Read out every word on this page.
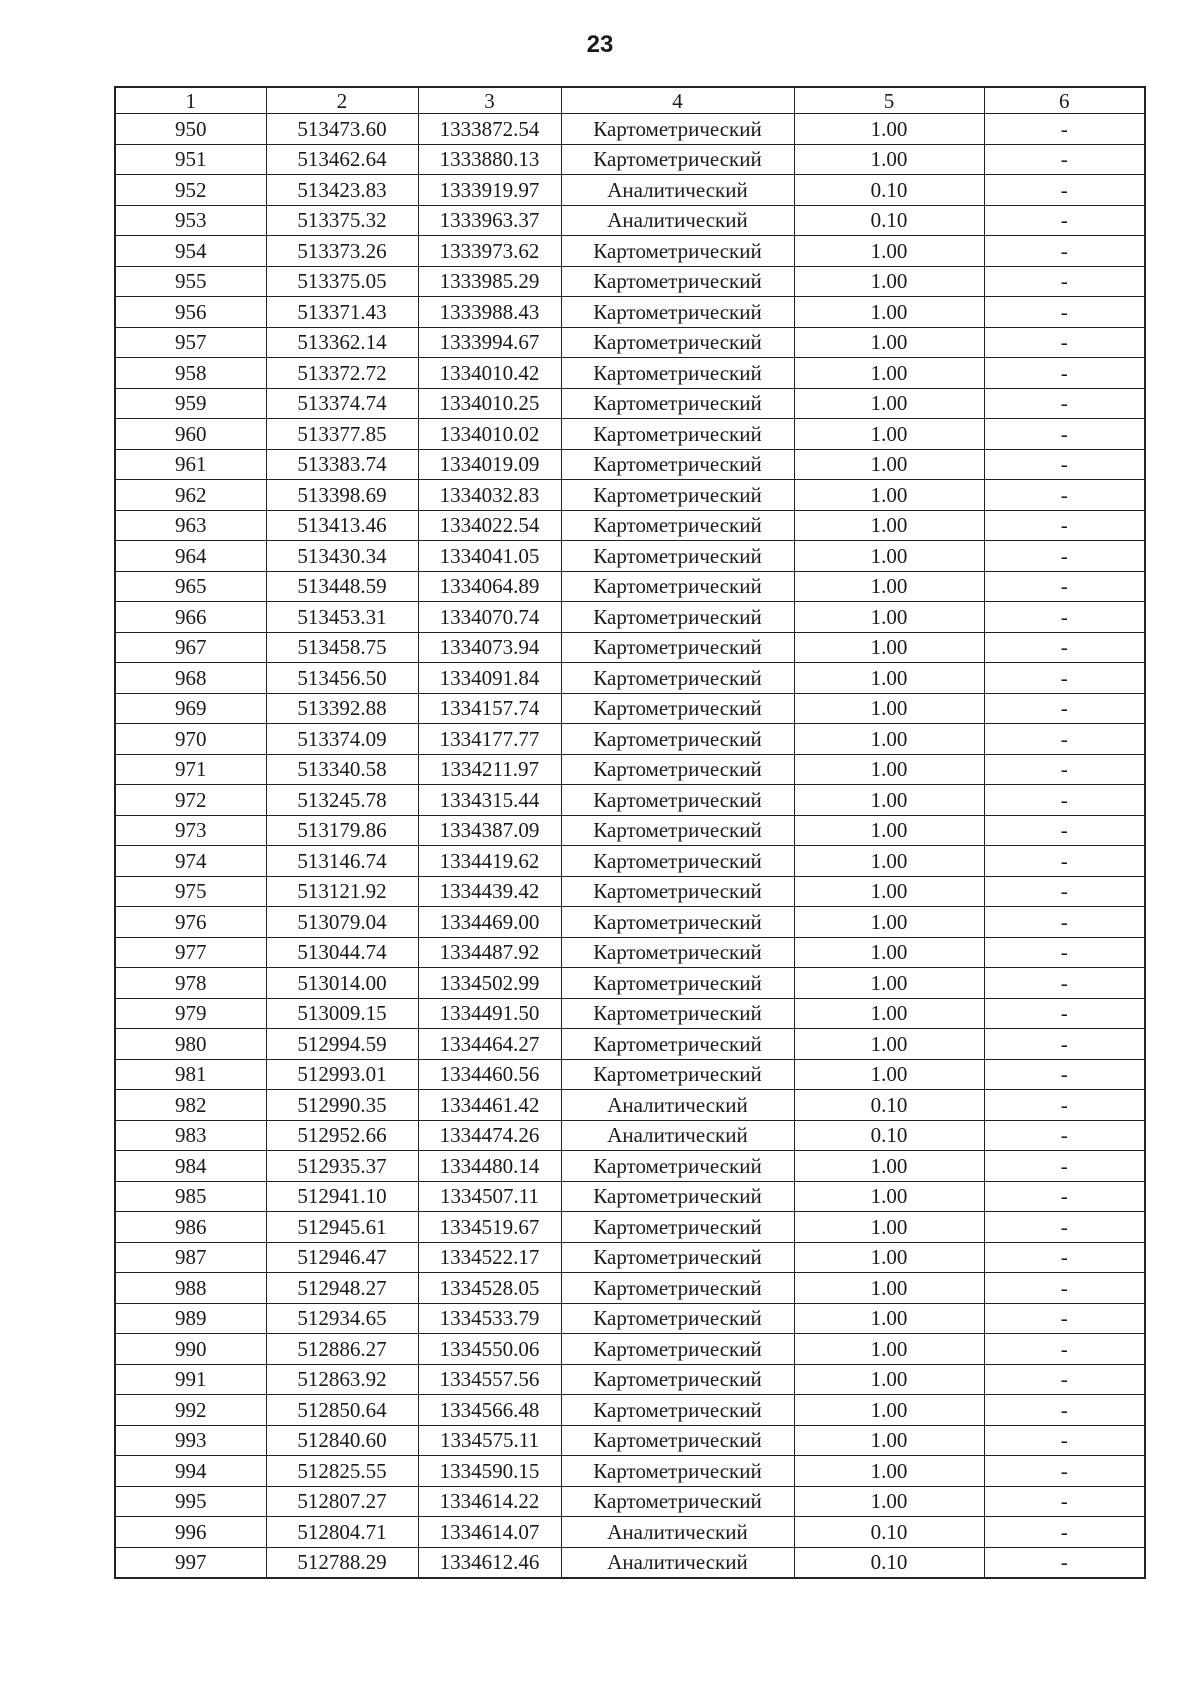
23
1	2	3	4	5	6
950	513473.60	1333872.54	Картометрический	1.00	-
951	513462.64	1333880.13	Картометрический	1.00	-
952	513423.83	1333919.97	Аналитический	0.10	-
953	513375.32	1333963.37	Аналитический	0.10	-
954	513373.26	1333973.62	Картометрический	1.00	-
955	513375.05	1333985.29	Картометрический	1.00	-
956	513371.43	1333988.43	Картометрический	1.00	-
957	513362.14	1333994.67	Картометрический	1.00	-
958	513372.72	1334010.42	Картометрический	1.00	-
959	513374.74	1334010.25	Картометрический	1.00	-
960	513377.85	1334010.02	Картометрический	1.00	-
961	513383.74	1334019.09	Картометрический	1.00	-
962	513398.69	1334032.83	Картометрический	1.00	-
963	513413.46	1334022.54	Картометрический	1.00	-
964	513430.34	1334041.05	Картометрический	1.00	-
965	513448.59	1334064.89	Картометрический	1.00	-
966	513453.31	1334070.74	Картометрический	1.00	-
967	513458.75	1334073.94	Картометрический	1.00	-
968	513456.50	1334091.84	Картометрический	1.00	-
969	513392.88	1334157.74	Картометрический	1.00	-
970	513374.09	1334177.77	Картометрический	1.00	-
971	513340.58	1334211.97	Картометрический	1.00	-
972	513245.78	1334315.44	Картометрический	1.00	-
973	513179.86	1334387.09	Картометрический	1.00	-
974	513146.74	1334419.62	Картометрический	1.00	-
975	513121.92	1334439.42	Картометрический	1.00	-
976	513079.04	1334469.00	Картометрический	1.00	-
977	513044.74	1334487.92	Картометрический	1.00	-
978	513014.00	1334502.99	Картометрический	1.00	-
979	513009.15	1334491.50	Картометрический	1.00	-
980	512994.59	1334464.27	Картометрический	1.00	-
981	512993.01	1334460.56	Картометрический	1.00	-
982	512990.35	1334461.42	Аналитический	0.10	-
983	512952.66	1334474.26	Аналитический	0.10	-
984	512935.37	1334480.14	Картометрический	1.00	-
985	512941.10	1334507.11	Картометрический	1.00	-
986	512945.61	1334519.67	Картометрический	1.00	-
987	512946.47	1334522.17	Картометрический	1.00	-
988	512948.27	1334528.05	Картометрический	1.00	-
989	512934.65	1334533.79	Картометрический	1.00	-
990	512886.27	1334550.06	Картометрический	1.00	-
991	512863.92	1334557.56	Картометрический	1.00	-
992	512850.64	1334566.48	Картометрический	1.00	-
993	512840.60	1334575.11	Картометрический	1.00	-
994	512825.55	1334590.15	Картометрический	1.00	-
995	512807.27	1334614.22	Картометрический	1.00	-
996	512804.71	1334614.07	Аналитический	0.10	-
997	512788.29	1334612.46	Аналитический	0.10	-
